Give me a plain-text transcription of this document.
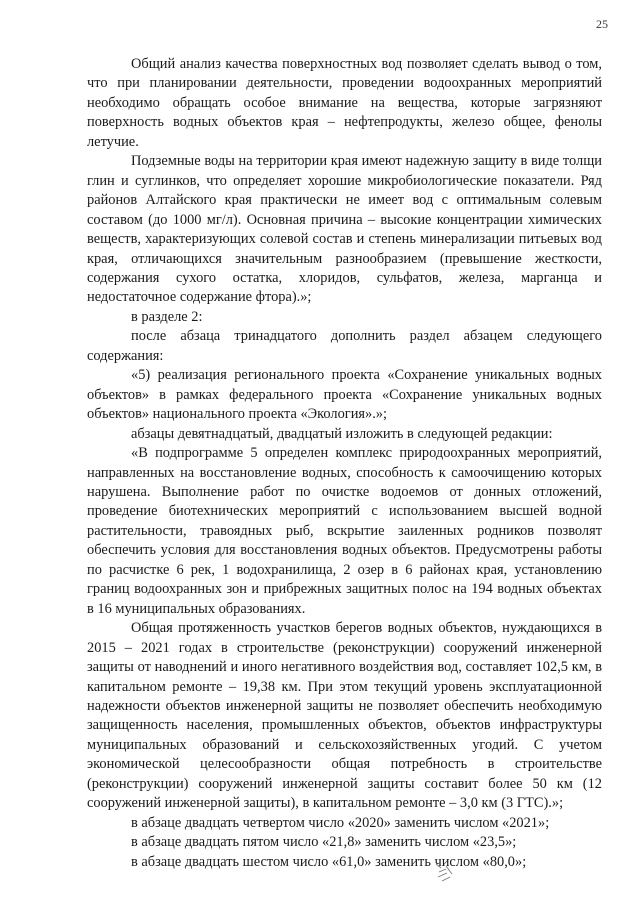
25

Общий анализ качества поверхностных вод позволяет сделать вывод о том, что при планировании деятельности, проведении водоохранных мероприятий необходимо обращать особое внимание на вещества, которые загрязняют поверхность водных объектов края – нефтепродукты, железо общее, фенолы летучие.

Подземные воды на территории края имеют надежную защиту в виде толщи глин и суглинков, что определяет хорошие микробиологические показатели. Ряд районов Алтайского края практически не имеет вод с оптимальным солевым составом (до 1000 мг/л). Основная причина – высокие концентрации химических веществ, характеризующих солевой состав и степень минерализации питьевых вод края, отличающихся значительным разнообразием (превышение жесткости, содержания сухого остатка, хлоридов, сульфатов, железа, марганца и недостаточное содержание фтора).»;

в разделе 2:

после абзаца тринадцатого дополнить раздел абзацем следующего содержания:

«5) реализация регионального проекта «Сохранение уникальных водных объектов» в рамках федерального проекта «Сохранение уникальных водных объектов» национального проекта «Экология».»;

абзацы девятнадцатый, двадцатый изложить в следующей редакции:

«В подпрограмме 5 определен комплекс природоохранных мероприятий, направленных на восстановление водных, способность к самоочищению которых нарушена. Выполнение работ по очистке водоемов от донных отложений, проведение биотехнических мероприятий с использованием высшей водной растительности, травоядных рыб, вскрытие заиленных родников позволят обеспечить условия для восстановления водных объектов. Предусмотрены работы по расчистке 6 рек, 1 водохранилища, 2 озер в 6 районах края, установлению границ водоохранных зон и прибрежных защитных полос на 194 водных объектах в 16 муниципальных образованиях.

Общая протяженность участков берегов водных объектов, нуждающихся в 2015 – 2021 годах в строительстве (реконструкции) сооружений инженерной защиты от наводнений и иного негативного воздействия вод, составляет 102,5 км, в капитальном ремонте – 19,38 км. При этом текущий уровень эксплуатационной надежности объектов инженерной защиты не позволяет обеспечить необходимую защищенность населения, промышленных объектов, объектов инфраструктуры муниципальных образований и сельскохозяйственных угодий. С учетом экономической целесообразности общая потребность в строительстве (реконструкции) сооружений инженерной защиты составит более 50 км (12 сооружений инженерной защиты), в капитальном ремонте – 3,0 км (3 ГТС).»;

в абзаце двадцать четвертом число «2020» заменить числом «2021»;

в абзаце двадцать пятом число «21,8» заменить числом «23,5»;

в абзаце двадцать шестом число «61,0» заменить числом «80,0»;
